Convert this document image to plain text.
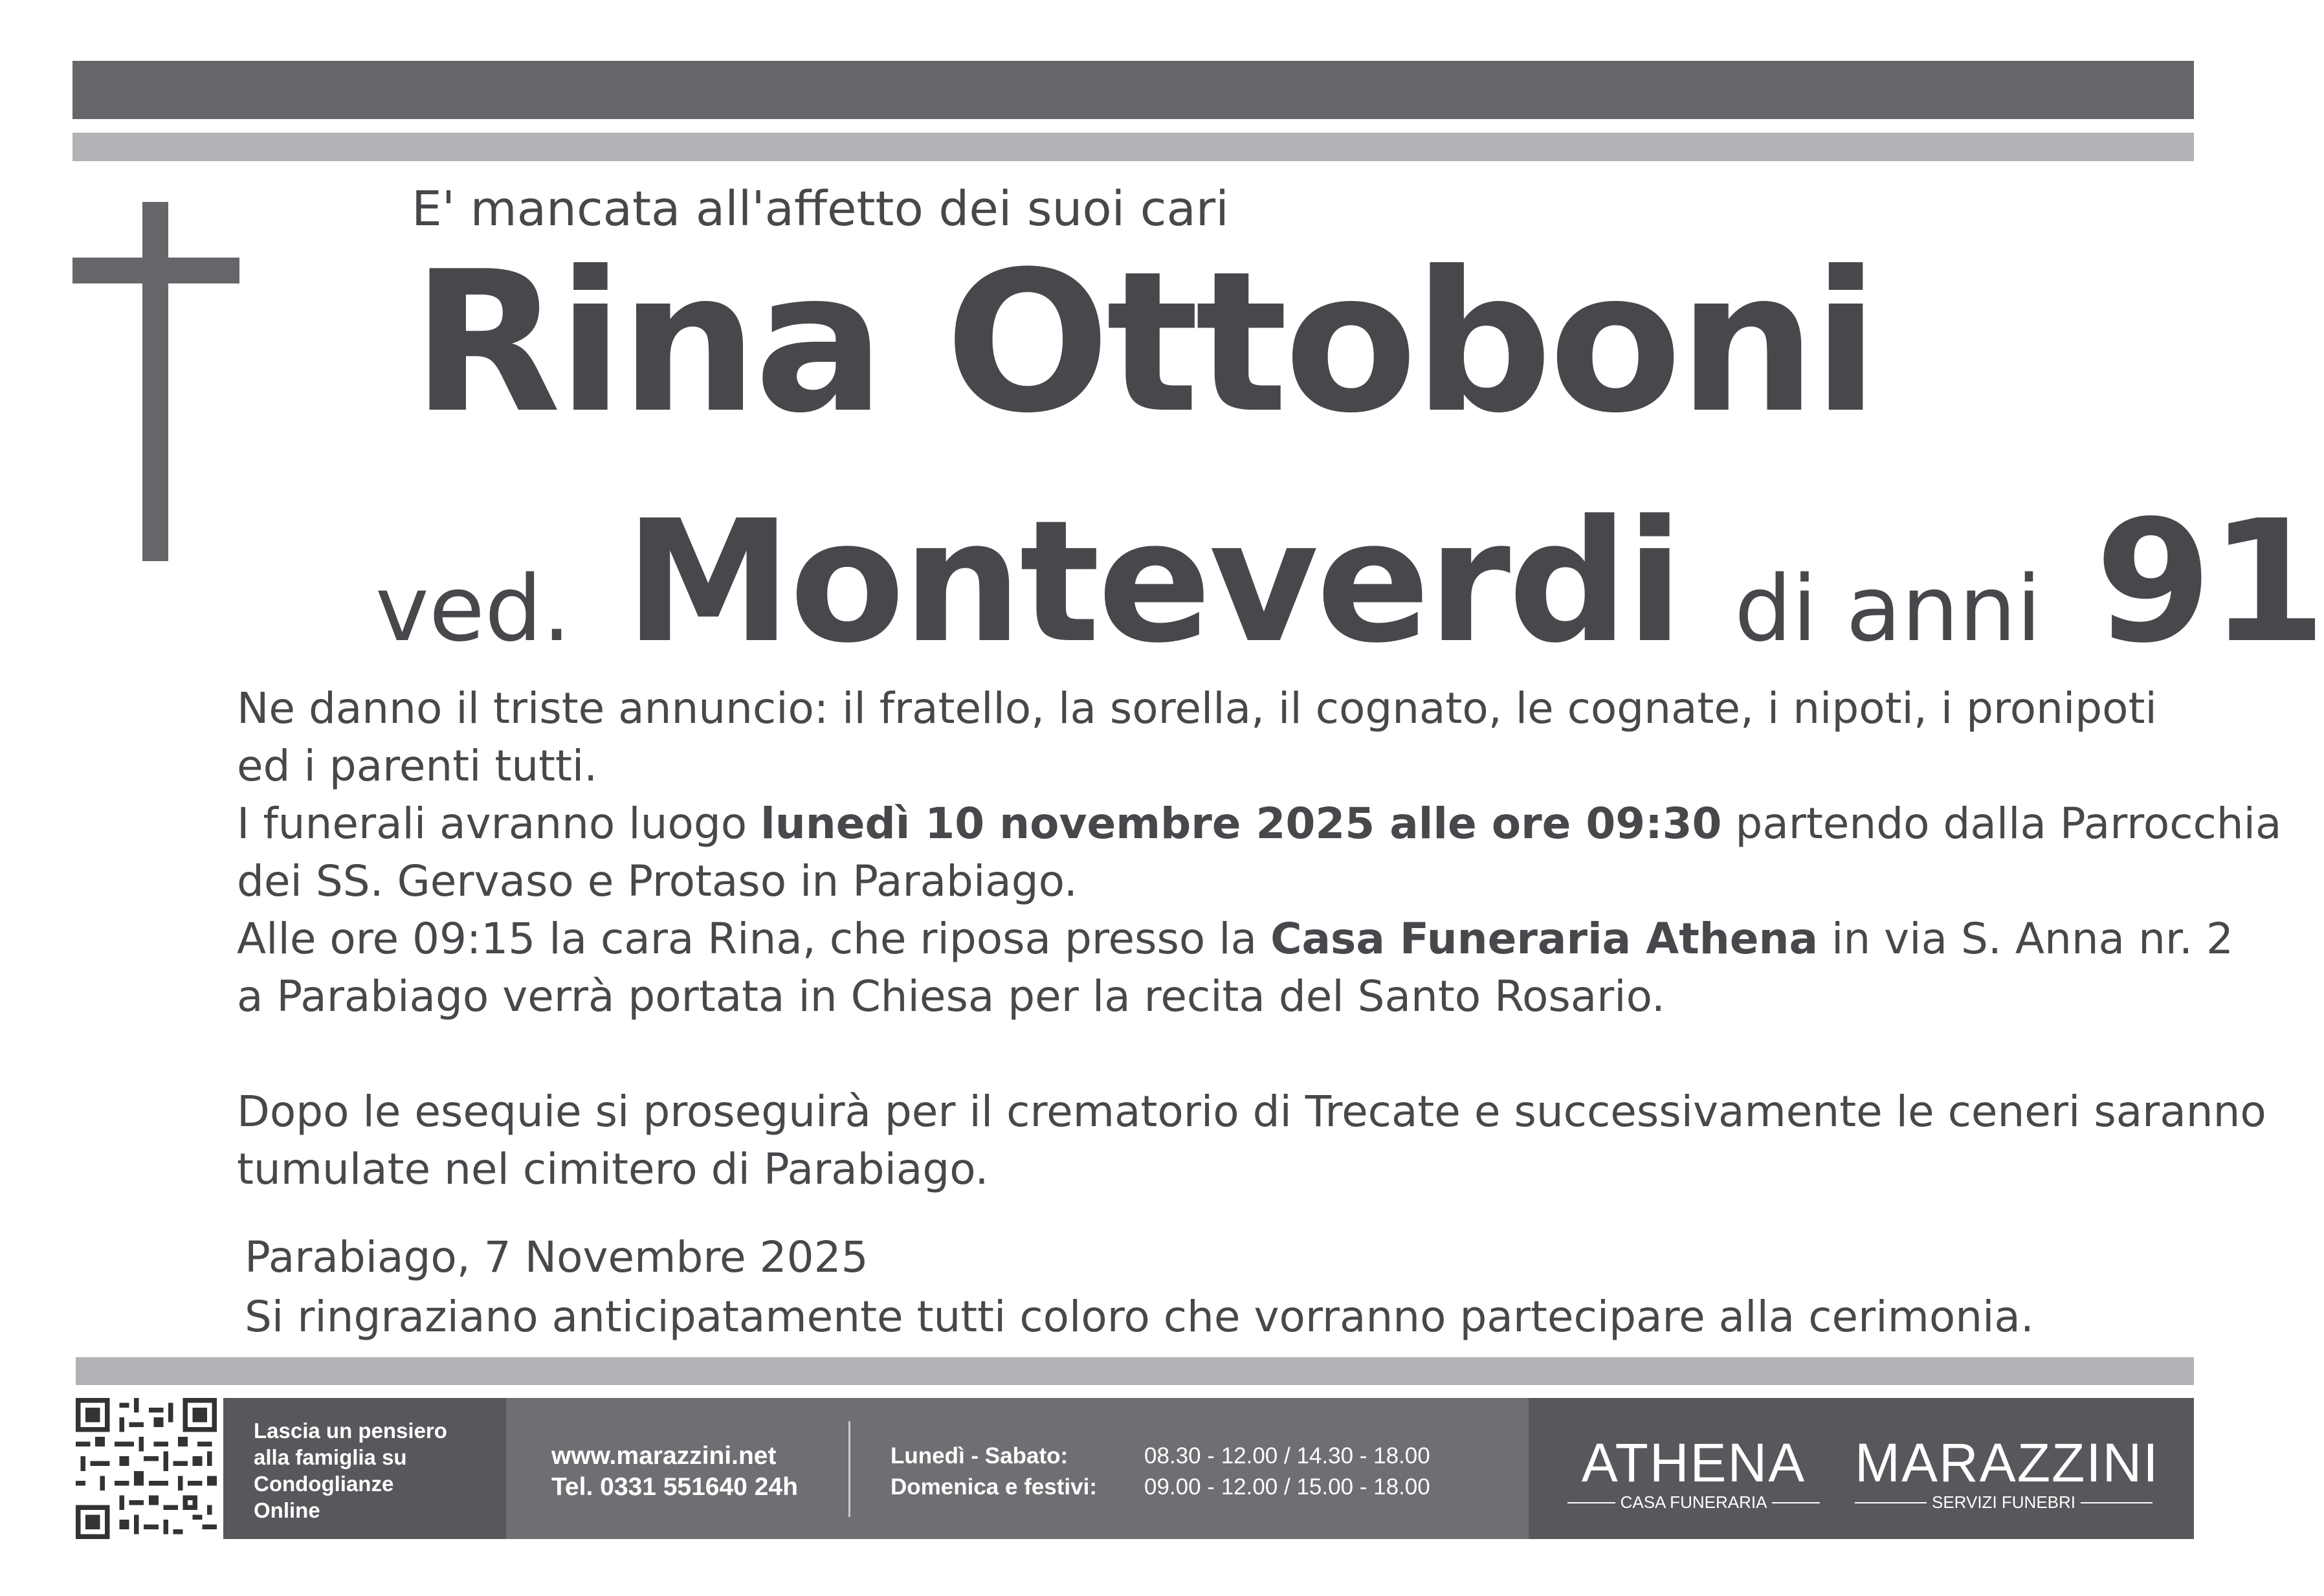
E' mancata all'affetto dei suoi cari
Rina Ottoboni
ved. Monteverdi di anni 91

Ne danno il triste annuncio: il fratello, la sorella, il cognato, le cognate, i nipoti, i pronipoti

ed i parenti tutti.

I funerali avranno luogo lunedì 10 novembre 2025 alle ore 09:30 partendo dalla Parrocchia

dei SS. Gervaso e Protaso in Parabiago.

Alle ore 09:15 la cara Rina, che riposa presso la Casa Funeraria Athena in via S. Anna nr. 2

a Parabiago verrà portata in Chiesa per la recita del Santo Rosario.

Dopo le esequie si proseguirà per il crematorio di Trecate e successivamente le ceneri saranno

tumulate nel cimitero di Parabiago.

Parabiago, 7 Novembre 2025
Si ringraziano anticipatamente tutti coloro che vorranno partecipare alla cerimonia.
Lascia un pensiero
alla famiglia su
Condoglianze
Online
www.marazzini.net
Tel. 0331 551640 24h
Lunedì - Sabato:
Domenica e festivi:
08.30 - 12.00 / 14.30 - 18.00
09.00 - 12.00 / 15.00 - 18.00	ATHENA
CASA FUNERARIA
MARAZZINI
SERVIZI FUNEBRI
